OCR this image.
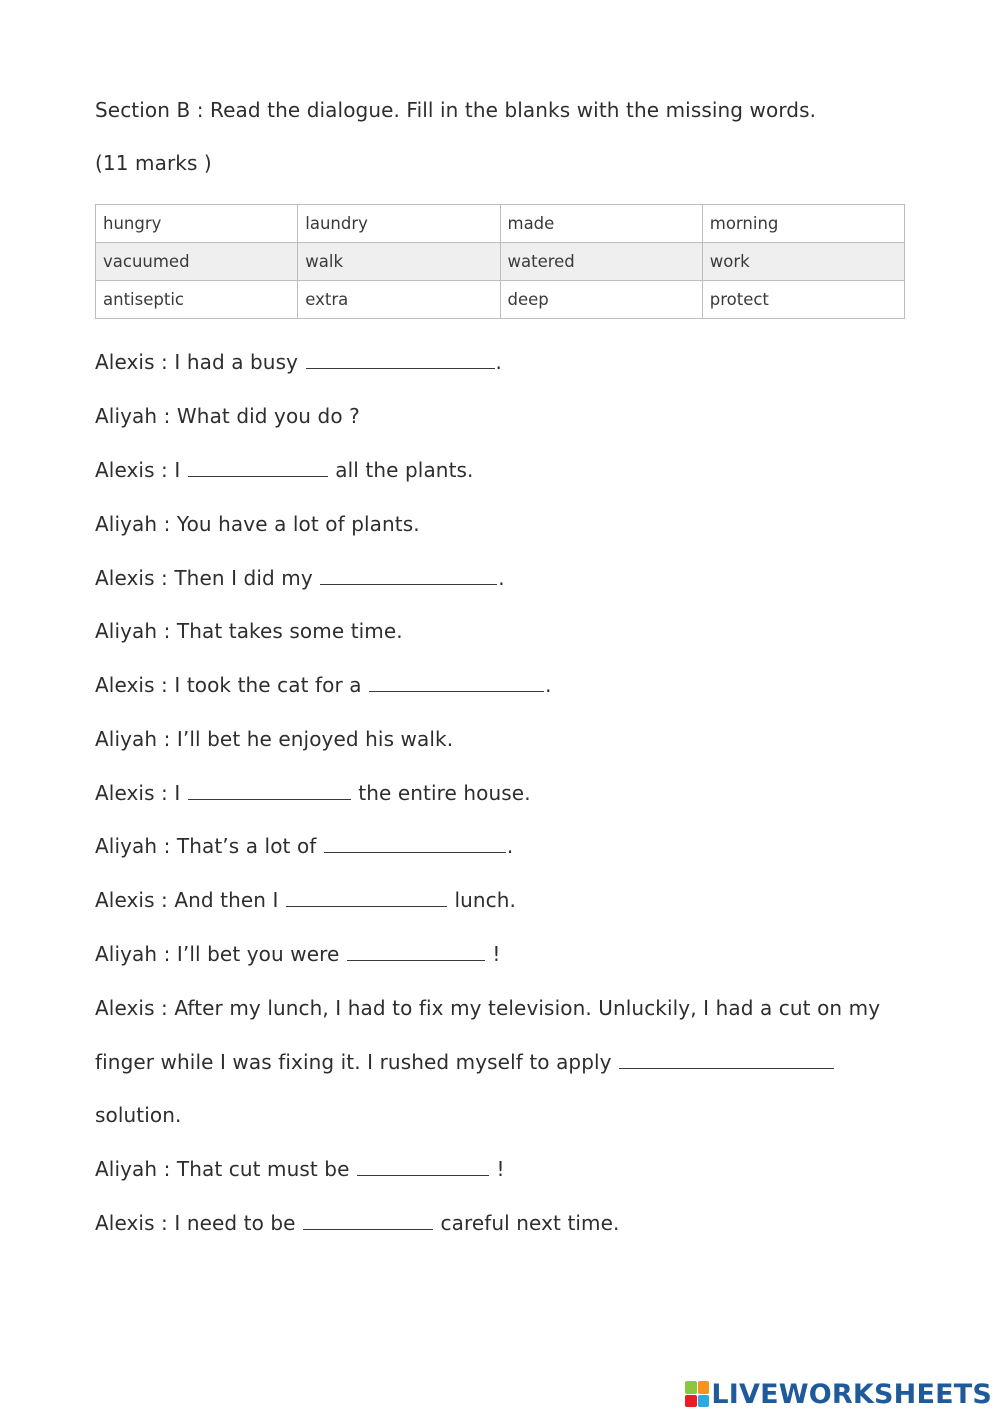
Section B : Read the dialogue. Fill in the blanks with the missing words.
(11 marks )
hungry	laundry	made	morning
vacuumed	walk	watered	work
antiseptic	extra	deep	protect
Alexis : I had a busy	.
Aliyah : What did you do ?
Alexis : I	all the plants.
Aliyah : You have a lot of plants.
Alexis : Then I did my	.
Aliyah : That takes some time.
Alexis : I took the cat for a	.
Aliyah : I’ll bet he enjoyed his walk.
Alexis : I	the entire house.
Aliyah : That’s a lot of	.
Alexis : And then I	lunch.
Aliyah : I’ll bet you were	!
Alexis : After my lunch, I had to fix my television. Unluckily, I had a cut on my
finger while I was fixing it. I rushed myself to apply
solution.
Aliyah : That cut must be	!
Alexis : I need to be	careful next time.
LIVEWORKSHEETS
